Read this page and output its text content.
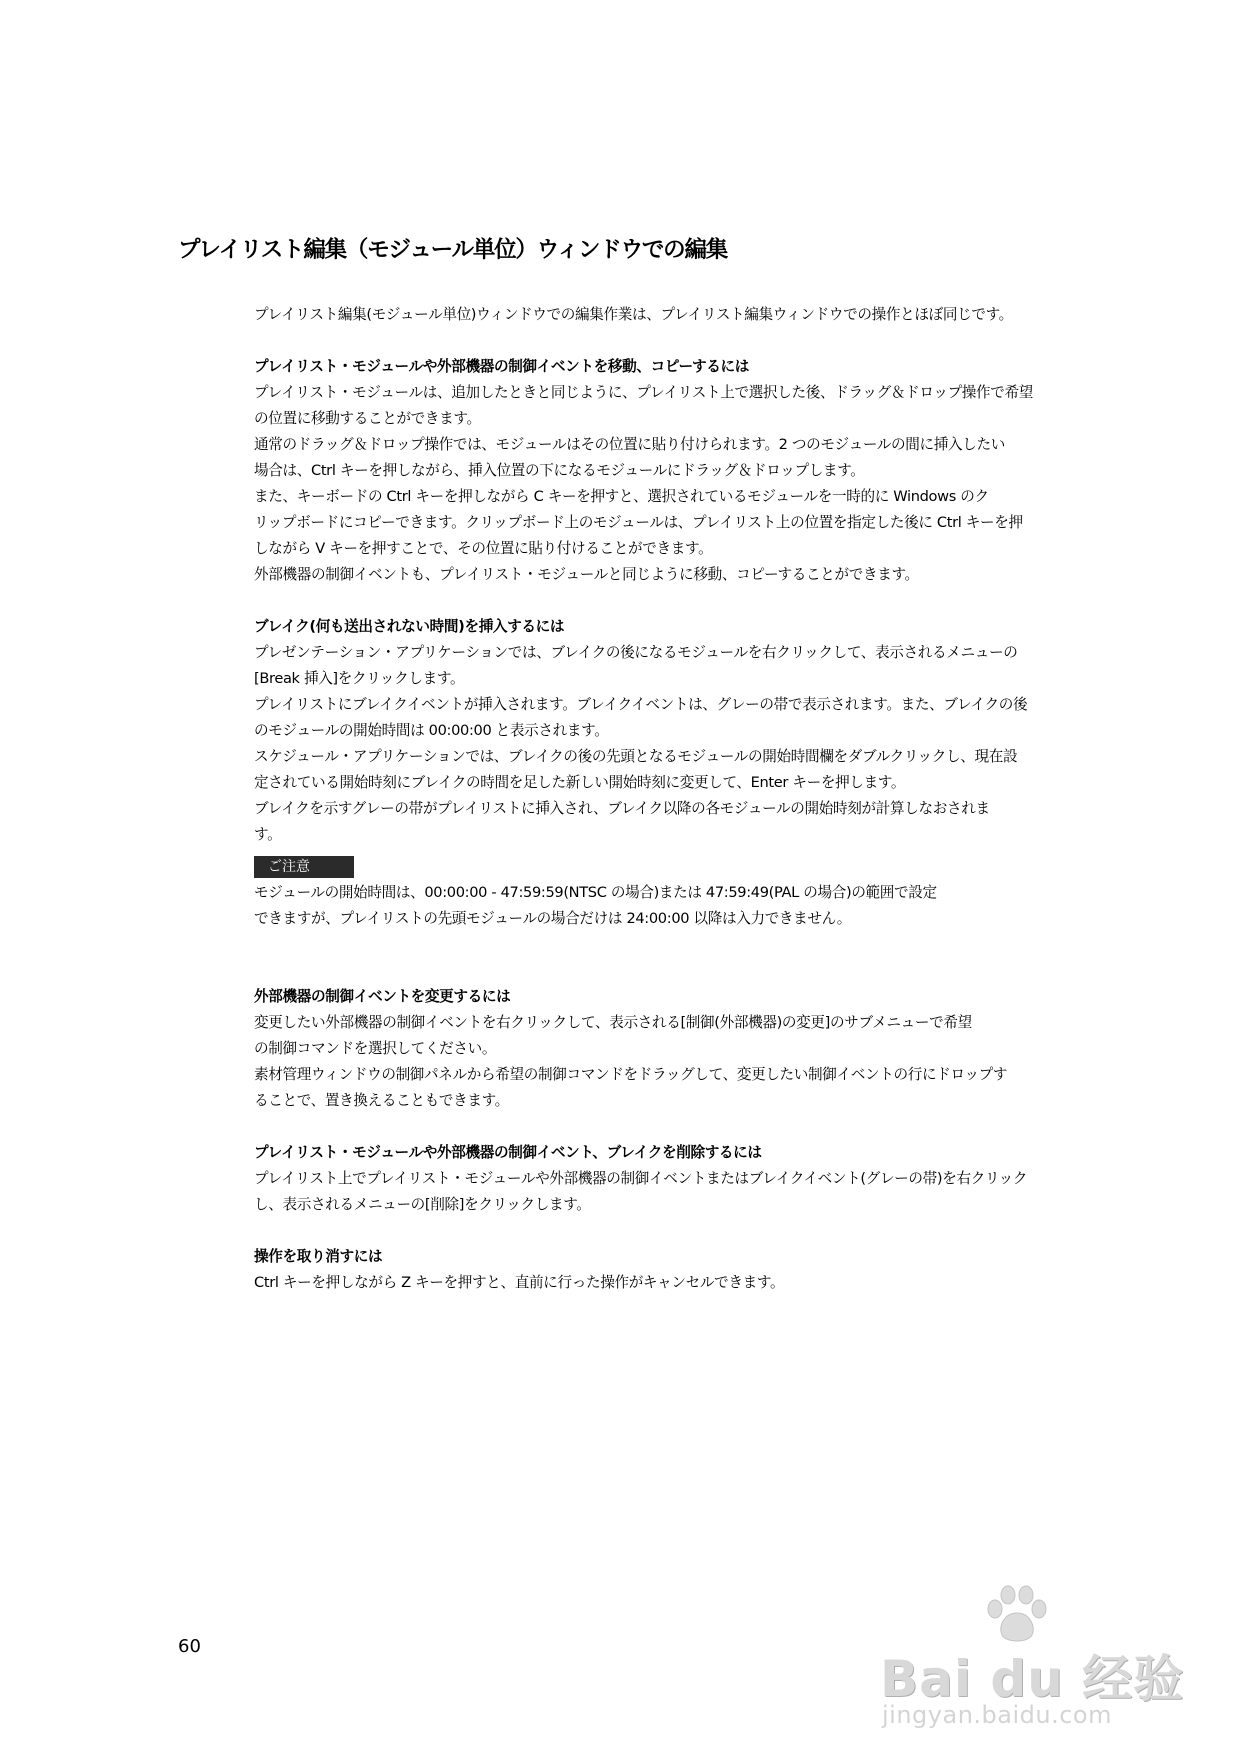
プレイリスト編集（モジュール単位）ウィンドウでの編集

プレイリスト編集(モジュール単位)ウィンドウでの編集作業は、プレイリスト編集ウィンドウでの操作とほぼ同じです。

プレイリスト・モジュールや外部機器の制御イベントを移動、コピーするには

プレイリスト・モジュールは、追加したときと同じように、プレイリスト上で選択した後、ドラッグ＆ドロップ操作で希望

の位置に移動することができます。

通常のドラッグ＆ドロップ操作では、モジュールはその位置に貼り付けられます。2 つのモジュールの間に挿入したい

場合は、Ctrl キーを押しながら、挿入位置の下になるモジュールにドラッグ＆ドロップします。

また、キーボードの Ctrl キーを押しながら C キーを押すと、選択されているモジュールを一時的に Windows のク

リップボードにコピーできます。クリップボード上のモジュールは、プレイリスト上の位置を指定した後に Ctrl キーを押

しながら V キーを押すことで、その位置に貼り付けることができます。

外部機器の制御イベントも、プレイリスト・モジュールと同じように移動、コピーすることができます。

ブレイク(何も送出されない時間)を挿入するには

プレゼンテーション・アプリケーションでは、ブレイクの後になるモジュールを右クリックして、表示されるメニューの

[Break 挿入]をクリックします。

プレイリストにブレイクイベントが挿入されます。ブレイクイベントは、グレーの帯で表示されます。また、ブレイクの後

のモジュールの開始時間は 00:00:00 と表示されます。

スケジュール・アプリケーションでは、ブレイクの後の先頭となるモジュールの開始時間欄をダブルクリックし、現在設

定されている開始時刻にブレイクの時間を足した新しい開始時刻に変更して、Enter キーを押します。

ブレイクを示すグレーの帯がプレイリストに挿入され、ブレイク以降の各モジュールの開始時刻が計算しなおされま

す。

ご注意

モジュールの開始時間は、00:00:00 - 47:59:59(NTSC の場合)または 47:59:49(PAL の場合)の範囲で設定

できますが、プレイリストの先頭モジュールの場合だけは 24:00:00 以降は入力できません。

外部機器の制御イベントを変更するには

変更したい外部機器の制御イベントを右クリックして、表示される[制御(外部機器)の変更]のサブメニューで希望

の制御コマンドを選択してください。

素材管理ウィンドウの制御パネルから希望の制御コマンドをドラッグして、変更したい制御イベントの行にドロップす

ることで、置き換えることもできます。

プレイリスト・モジュールや外部機器の制御イベント、ブレイクを削除するには

プレイリスト上でプレイリスト・モジュールや外部機器の制御イベントまたはブレイクイベント(グレーの帯)を右クリック

し、表示されるメニューの[削除]をクリックします。

操作を取り消すには

Ctrl キーを押しながら Z キーを押すと、直前に行った操作がキャンセルできます。

60
Bai du 经验
jingyan.baidu.com
